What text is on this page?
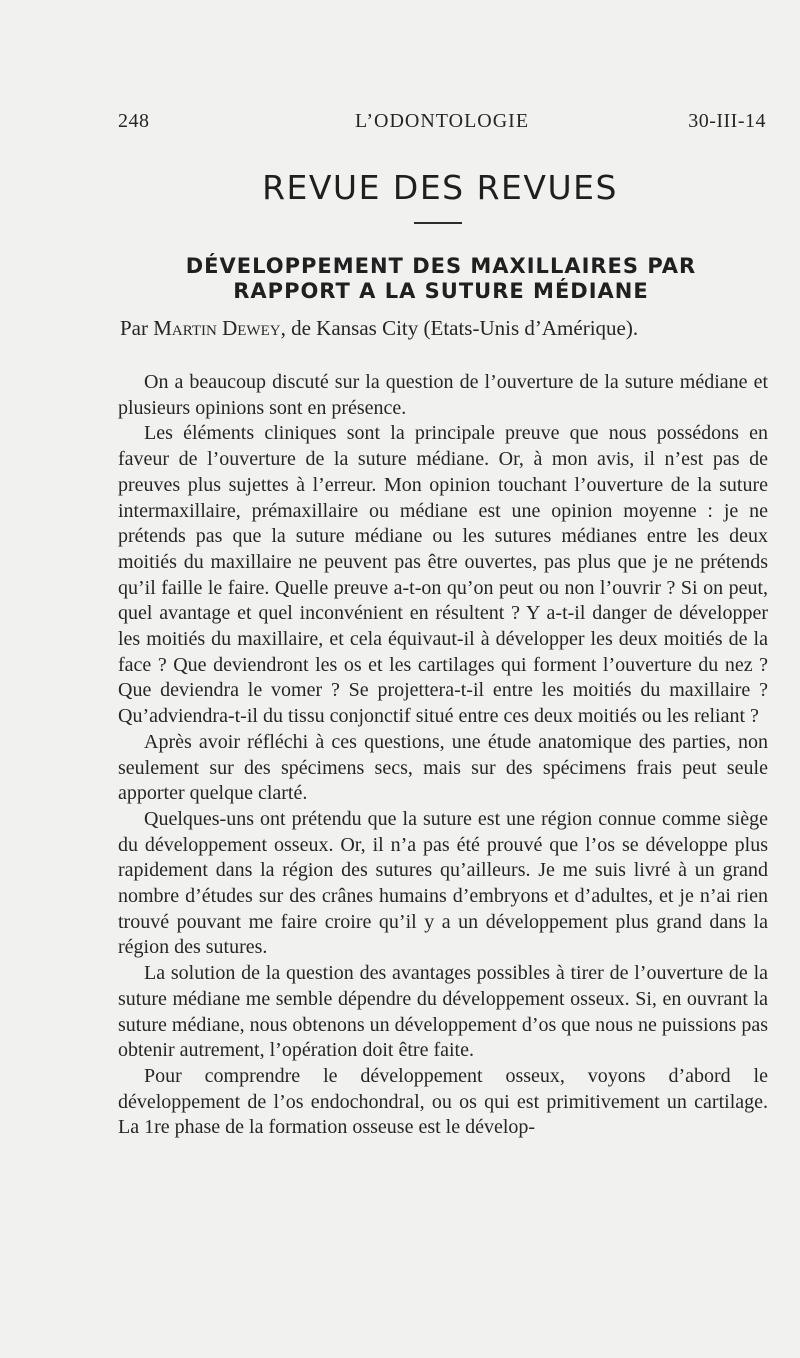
248	L’ODONTOLOGIE	30-III-14
REVUE DES REVUES
DÉVELOPPEMENT DES MAXILLAIRES PAR
RAPPORT A LA SUTURE MÉDIANE
Par Martin Dewey, de Kansas City (Etats-Unis d’Amérique).

On a beaucoup discuté sur la question de l’ouverture de la suture médiane et plusieurs opinions sont en présence.

Les éléments cliniques sont la principale preuve que nous possédons en faveur de l’ouverture de la suture médiane. Or, à mon avis, il n’est pas de preuves plus sujettes à l’erreur. Mon opinion touchant l’ouverture de la suture intermaxillaire, prémaxillaire ou médiane est une opinion moyenne : je ne prétends pas que la suture médiane ou les sutures médianes entre les deux moitiés du maxillaire ne peuvent pas être ouvertes, pas plus que je ne prétends qu’il faille le faire. Quelle preuve a-t-on qu’on peut ou non l’ouvrir ? Si on peut, quel avantage et quel inconvénient en résultent ? Y a-t-il danger de développer les moitiés du maxillaire, et cela équivaut-il à développer les deux moitiés de la face ? Que deviendront les os et les cartilages qui forment l’ouverture du nez ? Que deviendra le vomer ? Se projettera-t-il entre les moitiés du maxillaire ? Qu’adviendra-t-il du tissu conjonctif situé entre ces deux moitiés ou les reliant ?

Après avoir réfléchi à ces questions, une étude anatomique des parties, non seulement sur des spécimens secs, mais sur des spécimens frais peut seule apporter quelque clarté.

Quelques-uns ont prétendu que la suture est une région connue comme siège du développement osseux. Or, il n’a pas été prouvé que l’os se développe plus rapidement dans la région des sutures qu’ailleurs. Je me suis livré à un grand nombre d’études sur des crânes humains d’embryons et d’adultes, et je n’ai rien trouvé pouvant me faire croire qu’il y a un développement plus grand dans la région des sutures.

La solution de la question des avantages possibles à tirer de l’ouverture de la suture médiane me semble dépendre du développement osseux. Si, en ouvrant la suture médiane, nous obtenons un développement d’os que nous ne puissions pas obtenir autrement, l’opération doit être faite.

Pour comprendre le développement osseux, voyons d’abord le développement de l’os endochondral, ou os qui est primitivement un cartilage. La 1re phase de la formation osseuse est le dévelop-
